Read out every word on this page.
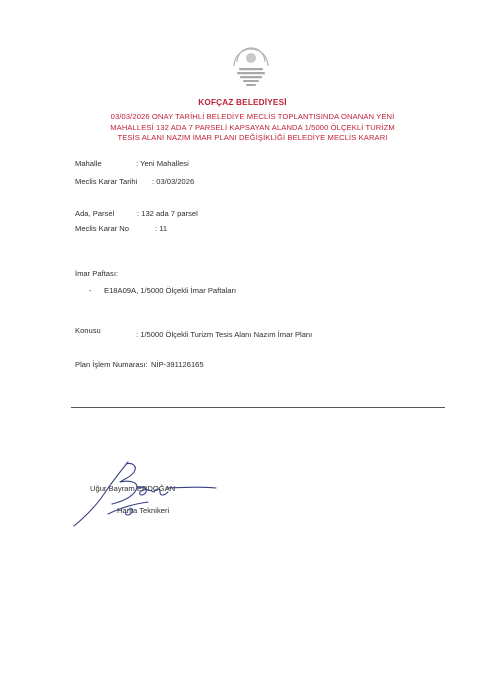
KOFÇAZ BELEDİYESİ
03/03/2026 ONAY TARİHLİ BELEDİYE MECLİS TOPLANTISINDA ONANAN YENİ
MAHALLESİ 132 ADA 7 PARSELİ KAPSAYAN ALANDA 1/5000 ÖLÇEKLİ TURİZM
TESİS ALANI NAZIM İMAR PLANI DEĞİŞİKLİĞİ BELEDİYE MECLİS KARARI
Mahalle	: Yeni Mahallesi
Meclis Karar Tarihi : 03/03/2026
Ada, Parsel	: 132 ada 7 parsel
Meclis Karar No	: 11
İmar Paftası:
- E18A09A, 1/5000 Ölçekli İmar Paftaları
Konusu	: 1/5000 Ölçekli Turizm Tesis Alanı Nazım İmar Planı
Plan İşlem Numarası: NİP-391126165
Uğur Bayram ERDOĞAN
Harita Teknikeri
